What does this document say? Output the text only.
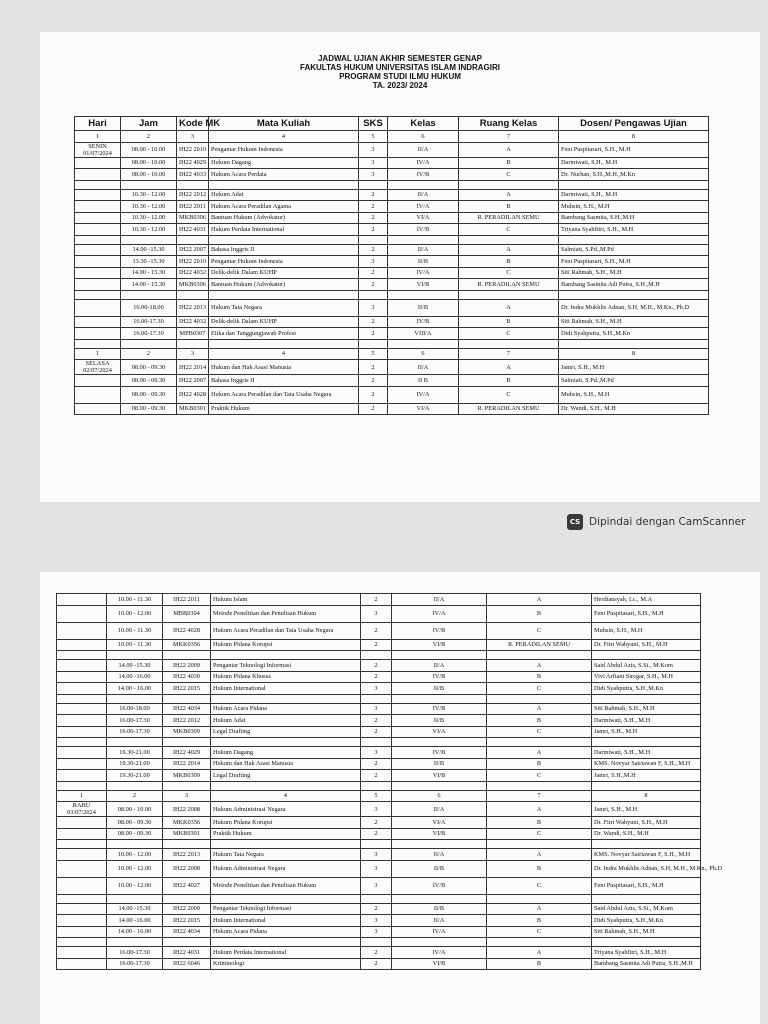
JADWAL UJIAN AKHIR SEMESTER GENAP
FAKULTAS HUKUM UNIVERSITAS ISLAM INDRAGIRI
PROGRAM STUDI ILMU HUKUM
TA. 2023/ 2024
Hari	Jam	Kode MK	Mata Kuliah	SKS	Kelas	Ruang Kelas	Dosen/ Pengawas Ujian
1	2	3	4	5	6	7	8

SENIN
01/07/2024	08.00 - 10.00	IH22 2010	Pengantar Hukum Indonesia	3	II/A	A	Feni Puspitasari, S.H., M.H
	08.00 - 10.00	IH22 4029	Hukum Dagang	3	IV/A	B	Darmiwati, S.H., M.H
	08.00 - 10.00	IH22 4033	Hukum Acara Perdata	3	IV/B	C	Dr. Nurhan, S.H.,M.H.,M.Kn

	10.30 - 12.00	IH22 2012	Hukum Adat	2	II/A	A	Darmiwati, S.H., M.H
	10.30 - 12.00	IH22 2011	Hukum Acara Peradilan Agama	2	IV/A	B	Muhsin, S.H., M.H
	10.30 - 12.00	MKB0306	Bantuan Hukum (Advokatur)	2	VI/A	R. PERADILAN SEMU	Bambang Sasmita, S.H.,M.H
	10.30 - 12.00	IH22 4031	Hukum Perdata International	2	IV/B	C	Triyana Syahfitri, S.H., M.H

	14.00 -15.30	IH22 2007	Bahasa Inggris II	2	II/A	A	Salmiati, S.Pd.,M.Pd
	13.30 -15.30	IH22 2010	Pengantar Hukum Indonesia	3	II/B	B	Feni Puspitasari, S.H., M.H
	14.00 - 15.30	IH22 4032	Delik-delik Dalam KUHP	2	IV/A	C	Siti Rahmah, S.H., M.H
	14.00 - 15.30	MKB0306	Bantuan Hukum (Advokatur)	2	VI/B	R. PERADILAN SEMU	Bambang Sasmita Adi Putra, S.H.,M.H

	16.00-18.00	IH22 2013	Hukum Tata Negara	3	II/B	A	Dr. Indra Mukhlis Adnan, S.H, M.H., M.Kn., Ph.D
	16.00-17.30	IH22 4032	Delik-delik Dalam KUHP	2	IV/B	B	Siti Rahmah, S.H., M.H
	16.00-17.30	MPB0307	Etika dan Tanggungjawab Profesi	2	VIII/A	C	Didi Syahputra, S.H.,M.Kn

1	2	3	4	5	6	7	8

SELASA
02/07/2024	08.00 - 09.30	IH22 2014	Hukum dan Hak Asasi Manusia	2	II/A	A	Jamri, S.H., M.H
	08.00 - 09.30	IH22 2007	Bahasa Inggris II	2	II B	B	Salmiati, S.Pd.,M.Pd
	08.00 - 09.30	IH22 4028	Hukum Acara Peradilan dan Tata Usaha Negara	2	IV/A	C	Muhsin, S.H., M.H
	08.00 - 09.30	MKB0301	Praktik Hukum	2	VI/A	R. PERADILAN SEMU	Dr. Wandi, S.H., M.H
	10.00 - 11.30	IH22 2011	Hukum Islam	2	II/A	A	Herdiansyah, Lc., M.A
	10.00 - 12.00	MBB0304	Metode Penelitian dan Penulisan Hukum	3	IV/A	B	Feni Puspitasari, S.H., M.H
	10.00 - 11.30	IH22 4028	Hukum Acara Peradilan dan Tata Usaha Negara	2	IV/B	C	Muhsin, S.H., M.H
	10.00 - 11.30	MKK0356	Hukum Pidana Korupsi	2	VI/B	R. PERADILAN SEMU	Dr. Fitri Wahyuni, S.H., M.H

	14.00 -15.30	IH22 2009	Pengantar Teknologi Informasi	2	II/A	A	Said Abdul Azis, S.Si., M.Kom
	14.00 -16.00	IH22 4030	Hukum Pidana Khusus	2	IV/B	B	Vivi Arfiani Siregar, S.H., M.H
	14.00 - 16.00	IH22 2015	Hukum International	3	II/B	C	Didi Syahputra, S.H.,M.Kn

	16.00-18.00	IH22 4034	Hukum Acara Pidana	3	IV/B	A	Siti Rahmah, S.H., M.H
	16.00-17.30	IH22 2012	Hukum Adat	2	II/B	B	Darmiwati, S.H., M.H
	16.00-17.30	MKB0309	Legal Drafting	2	VI/A	C	Jamri, S.H., M.H

	19.30-21.00	IH22 4029	Hukum Dagang	3	IV/B	A	Darmiwati, S.H., M.H
	19.30-21.00	IH22 2014	Hukum dan Hak Asasi Manusia	2	II/B	B	KMS. Novyar Satriawan F, S.H., M.H
	19.30-21.00	MKB0309	Legal Drafting	2	VI/B	C	Jamri, S.H.,M.H

1	2	3	4	5	6	7	8

RABU
03/07/2024	08.00 - 10.00	IH22 2008	Hukum Administrasi Negara	3	II/A	A	Jamri, S.H., M.H
	08.00 - 09.30	MKK0356	Hukum Pidana Korupsi	2	VI/A	B	Dr. Fitri Wahyuni, S.H., M.H
	08.00 - 09.30	MKB0301	Praktik Hukum	2	VI/B	C	Dr. Wandi, S.H., M.H

	10.00 - 12.00	IH22 2013	Hukum Tata Negara	3	II/A	A	KMS. Novyar Satriawan F, S.H., M.H
	10.00 - 12.00	IH22 2008	Hukum Administrasi Negara	3	II/B	B	Dr. Indra Mukhlis Adnan, S.H, M.H., M.Kn., Ph.D
	10.00 - 12.00	IH22 4027	Metode Penelitian dan Penulisan Hukum	3	IV/B	C	Feni Puspitasari, S.H., M.H

	14.00 -15.30	IH22 2009	Pengantar Teknologi Informasi	2	II/B	A	Said Abdul Azis, S.Si., M.Kom
	14.00 -16.00	IH22 2015	Hukum International	3	II/A	B	Didi Syahputra, S.H.,M.Kn
	14.00 - 16.00	IH22 4034	Hukum Acara Pidana	3	IV/A	C	Siti Rahmah, S.H., M.H

	16.00-17.30	IH22 4031	Hukum Perdata International	2	IV/A	A	Triyana Syahfitri, S.H., M.H
	16.00-17.30	IH22 6046	Kriminologi	2	VI/B	B	Bambang Sasmita Adi Putra, S.H.,M.H
CS Dipindai dengan CamScanner
